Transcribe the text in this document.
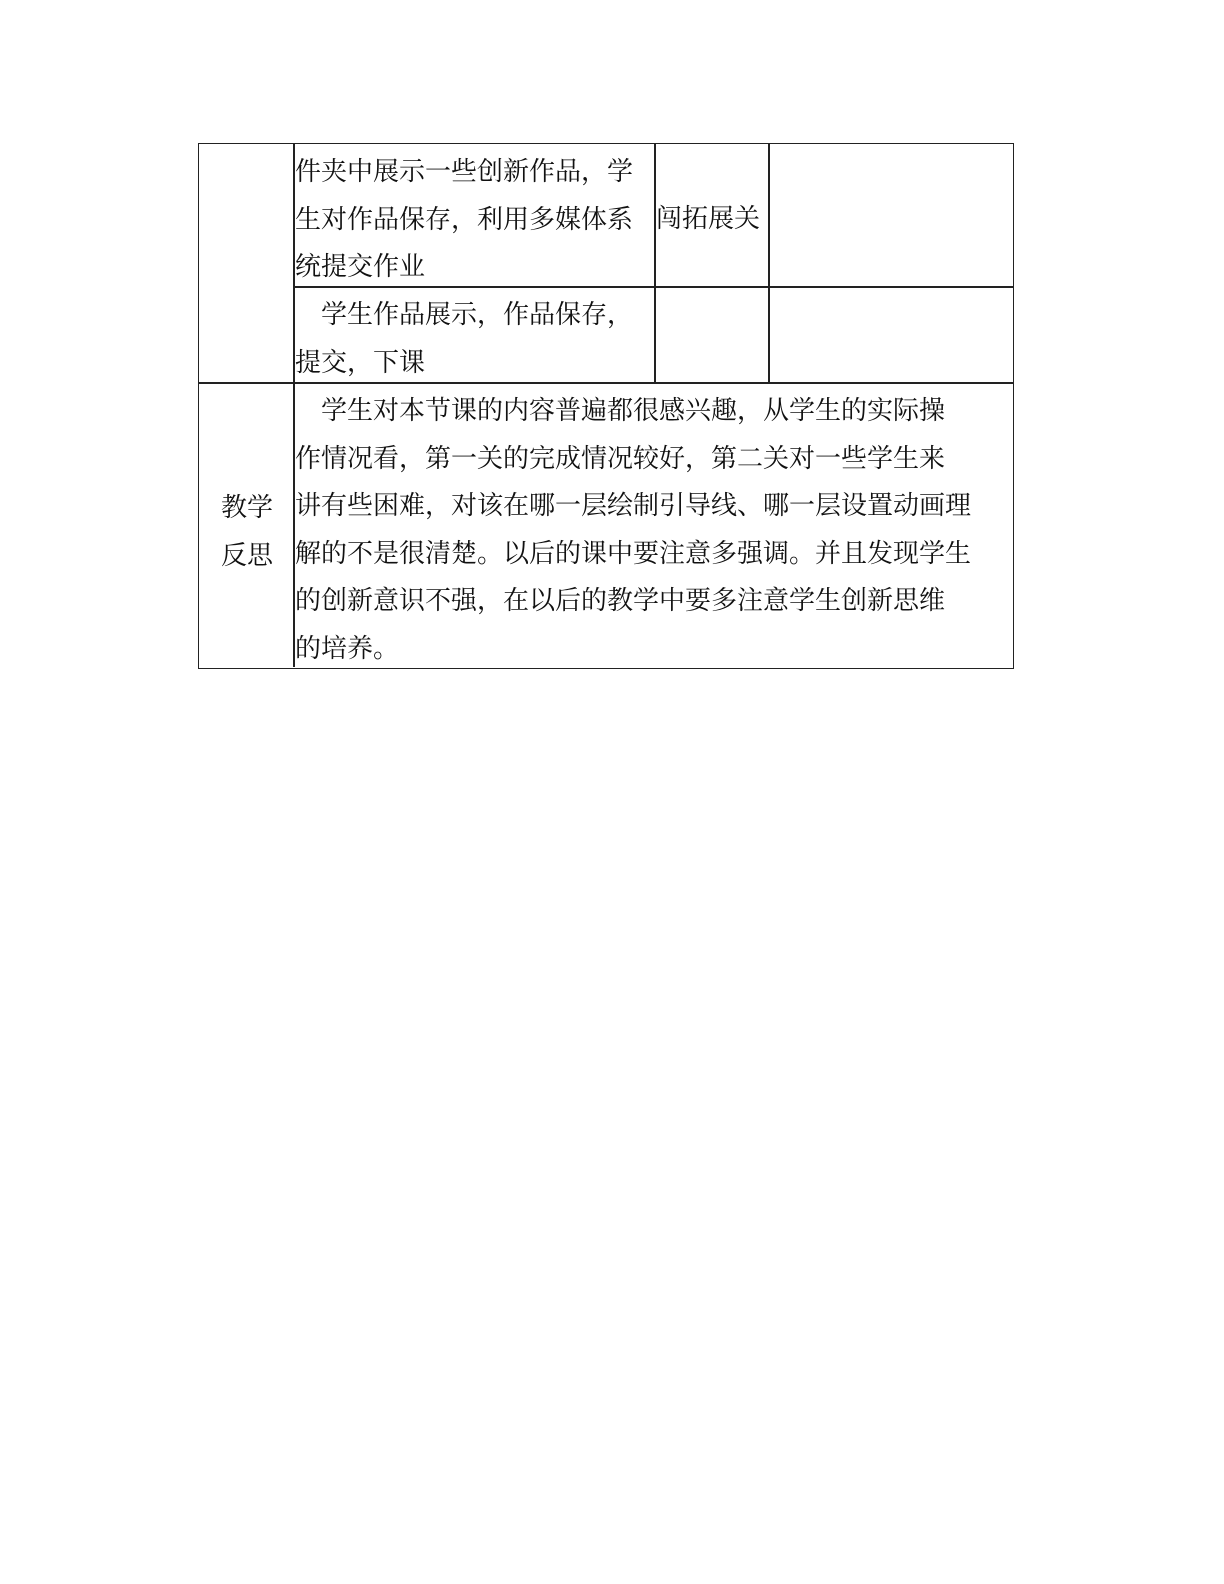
件夹中展示一些创新作品，学
生对作品保存，利用多媒体系
统提交作业
闯拓展关
　学生作品展示，作品保存，
提交，下课
教学
反思
　学生对本节课的内容普遍都很感兴趣，从学生的实际操
作情况看，第一关的完成情况较好，第二关对一些学生来
讲有些困难，对该在哪一层绘制引导线、哪一层设置动画理
解的不是很清楚。以后的课中要注意多强调。并且发现学生
的创新意识不强，在以后的教学中要多注意学生创新思维
的培养。
